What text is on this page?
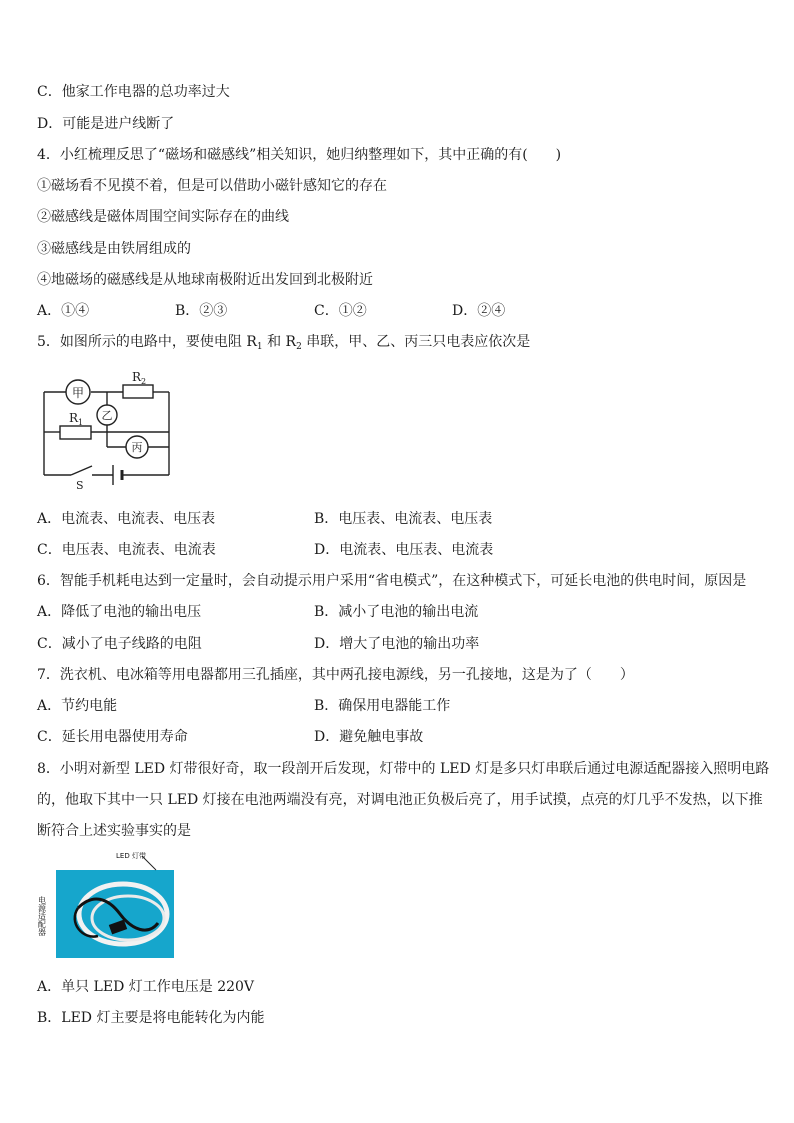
C．他家工作电器的总功率过大
D．可能是进户线断了
4．小红梳理反思了“磁场和磁感线”相关知识，她归纳整理如下，其中正确的有(　　)
①磁场看不见摸不着，但是可以借助小磁针感知它的存在
②磁感线是磁体周围空间实际存在的曲线
③磁感线是由铁屑组成的
④地磁场的磁感线是从地球南极附近出发回到北极附近
A．①④	B．②③	C．①②	D．②④
5．如图所示的电路中，要使电阻 $R_1$ 和 $R_2$ 串联，甲、乙、丙三只电表应依次是
甲
乙
丙
$R_2$
$R_1$
S
A．电流表、电流表、电压表	B．电压表、电流表、电压表
C．电压表、电流表、电流表	D．电流表、电压表、电流表
6．智能手机耗电达到一定量时，会自动提示用户采用“省电模式”，在这种模式下，可延长电池的供电时间，原因是
A．降低了电池的输出电压	B．减小了电池的输出电流
C．减小了电子线路的电阻	D．增大了电池的输出功率
7．洗衣机、电冰箱等用电器都用三孔插座，其中两孔接电源线，另一孔接地，这是为了（　　）
A．节约电能	B．确保用电器能工作
C．延长用电器使用寿命	D．避免触电事故
8．小明对新型 LED 灯带很好奇，取一段剖开后发现，灯带中的 LED 灯是多只灯串联后通过电源适配器接入照明电路
的，他取下其中一只 LED 灯接在电池两端没有亮，对调电池正负极后亮了，用手试摸，点亮的灯几乎不发热，以下推
断符合上述实验事实的是
LED 灯带
电源适配器
A．单只 LED 灯工作电压是 220V
B．LED 灯主要是将电能转化为内能
